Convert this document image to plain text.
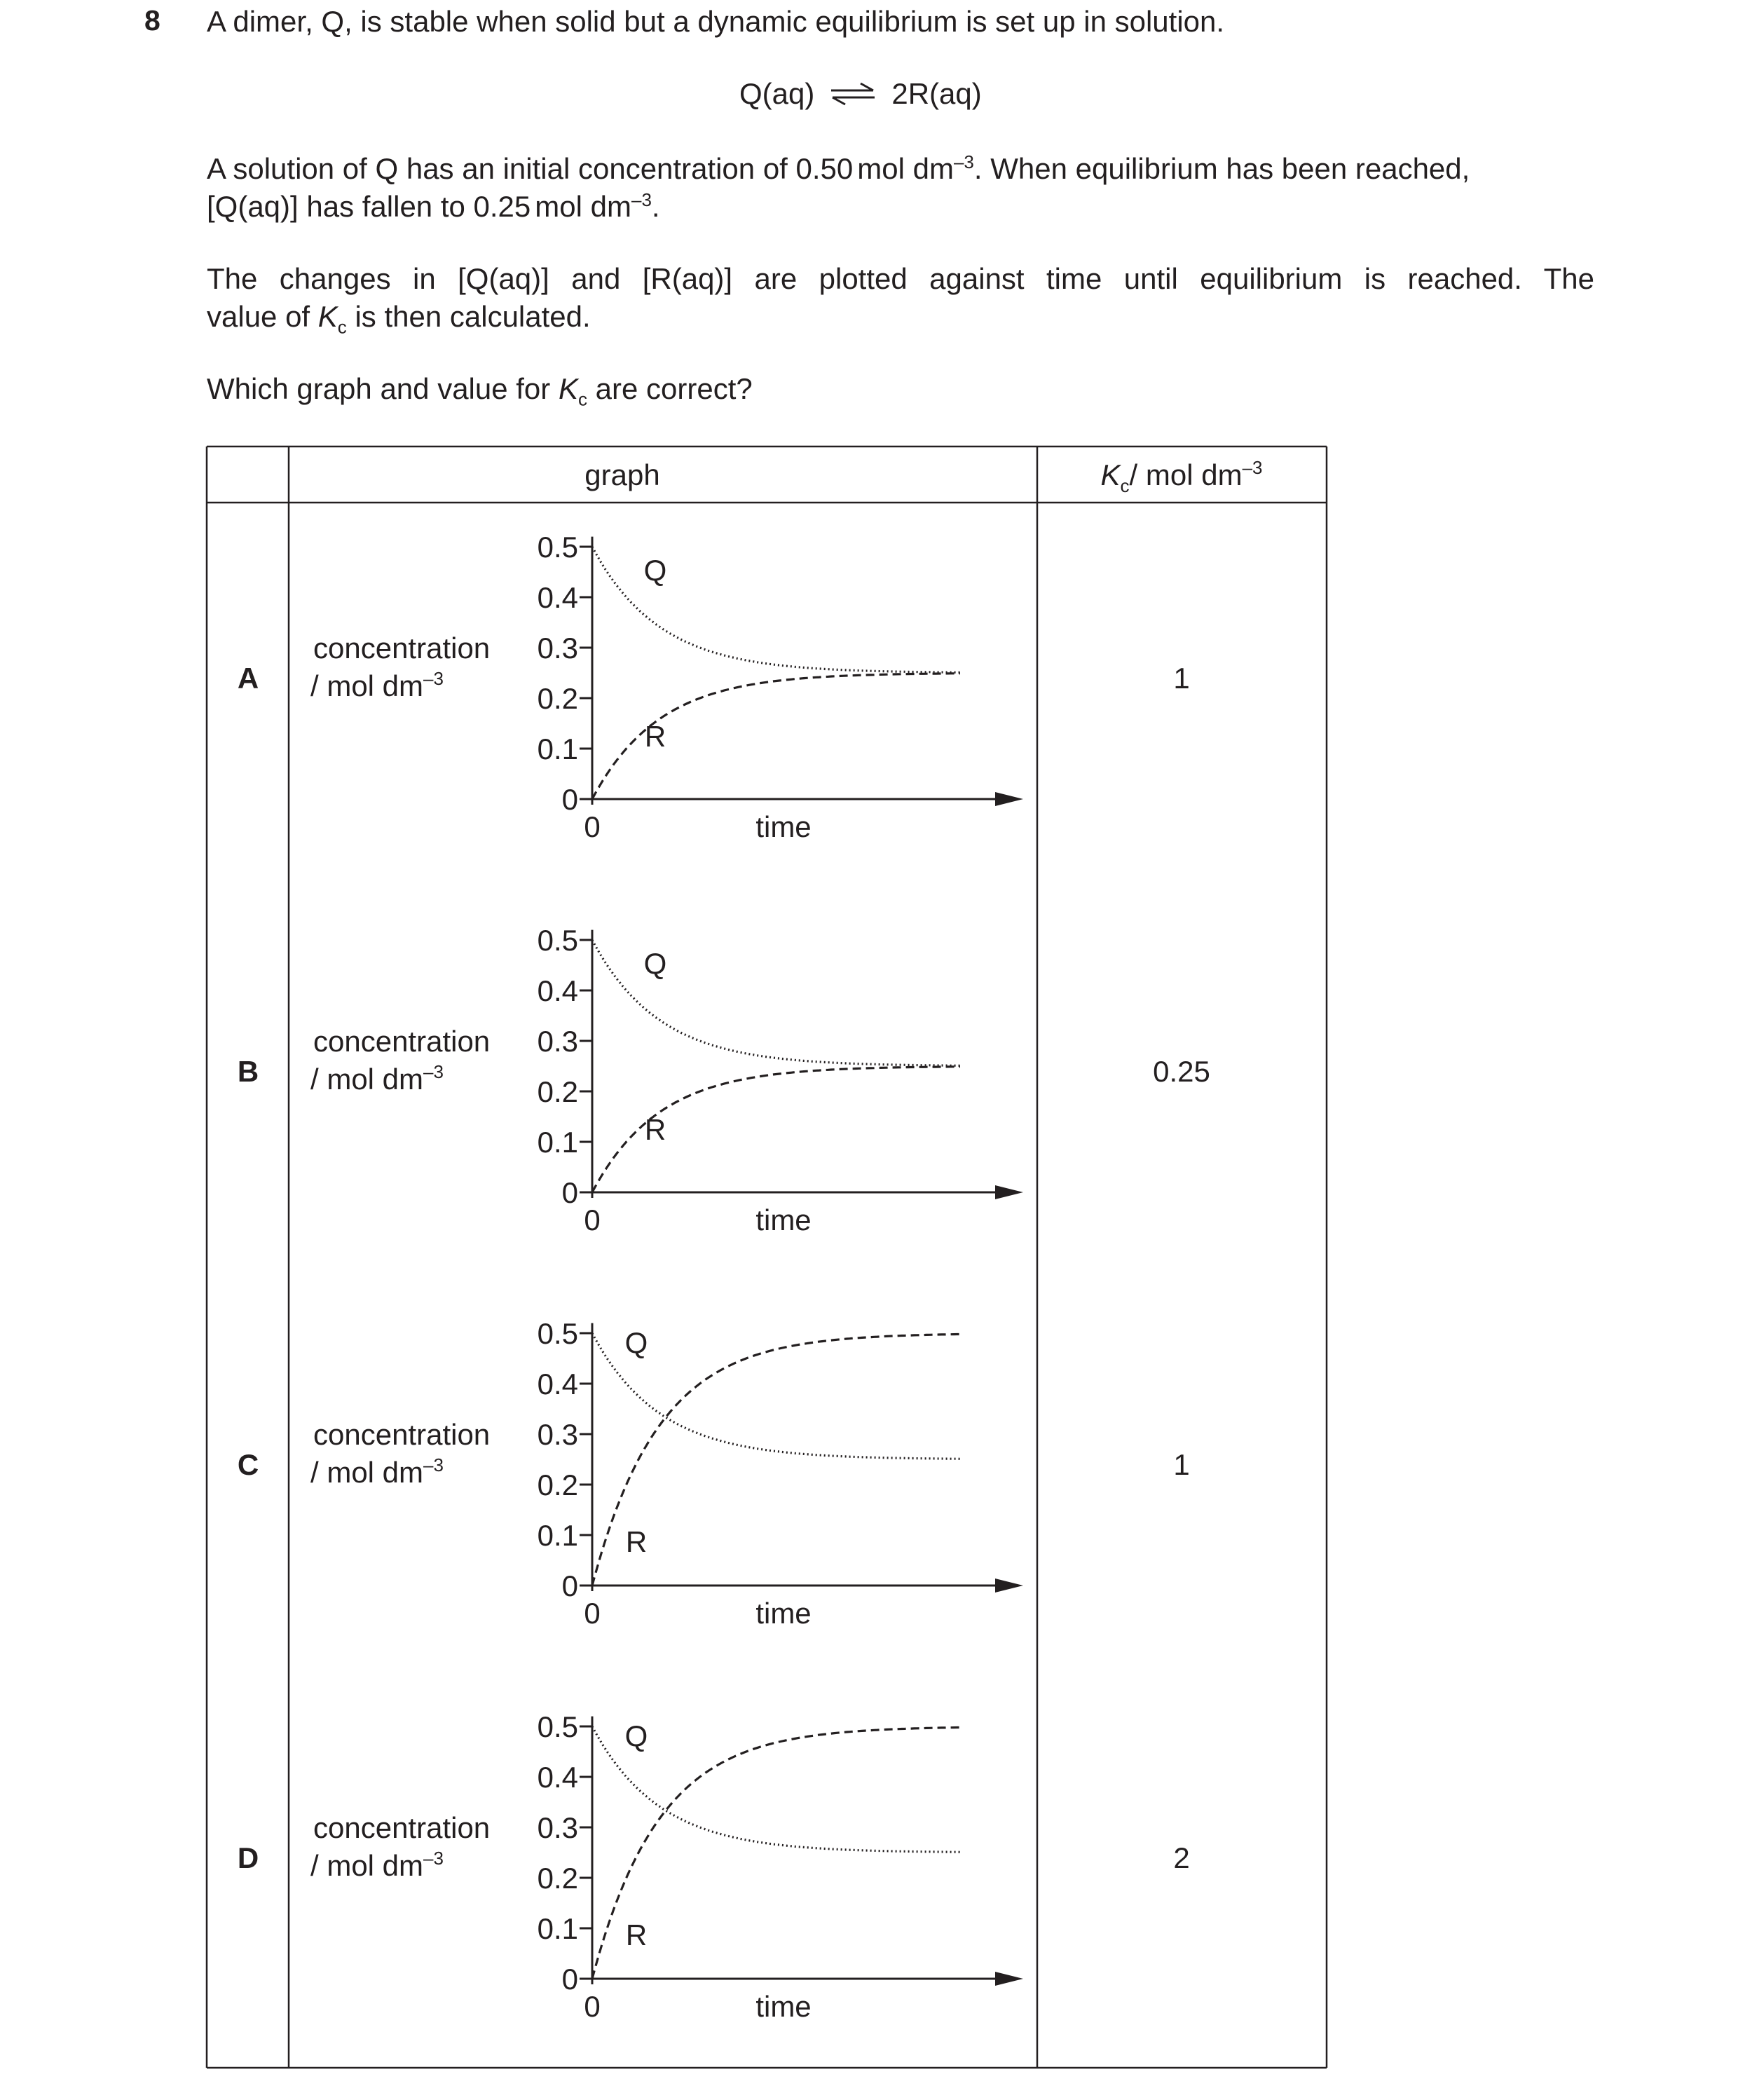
8 A dimer, Q, is stable when solid but a dynamic equilibrium is set up in solution.

Q(aq) ⇌ 2R(aq)

A solution of Q has an initial concentration of 0.50 mol $dm^{-3}$. When equilibrium has been reached,
[Q(aq)] has fallen to 0.25 mol $dm^{-3}$.

The changes in [Q(aq)] and [R(aq)] are plotted against time until equilibrium is reached. The
value of $K_c$ is then calculated.

Which graph and value for $K_c$ are correct?

graph	$K_c/$ mol $dm^{-3}$
A	1
concentration
/ mol $dm^{-3}$
0
0.1
0.2
0.3
0.4
0.5
0	time
Q
R
B	0.25
concentration
/ mol $dm^{-3}$
0
0.1
0.2
0.3
0.4
0.5
0	time
Q
R
C	1
concentration
/ mol $dm^{-3}$
0
0.1
0.2
0.3
0.4
0.5
0	time
Q
R
D	2
concentration
/ mol $dm^{-3}$
0
0.1
0.2
0.3
0.4
0.5
0	time
Q
R
